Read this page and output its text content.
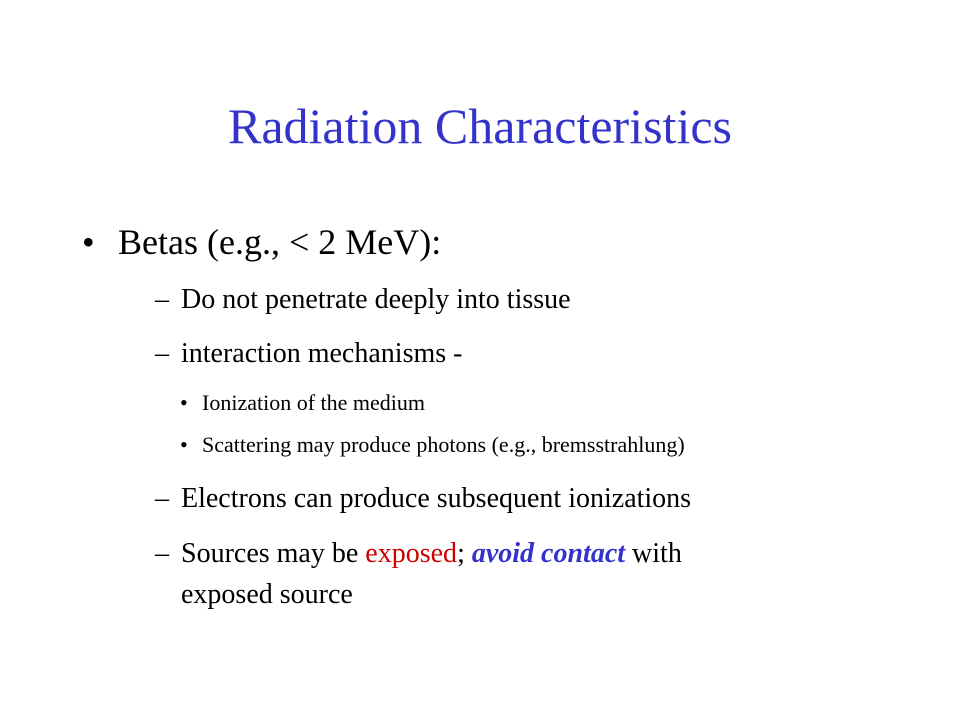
Radiation Characteristics
• Betas (e.g., < 2 MeV):
– Do not penetrate deeply into tissue
– interaction mechanisms -
• Ionization of the medium
• Scattering may produce photons (e.g., bremsstrahlung)
– Electrons can produce subsequent ionizations
– Sources may be exposed; avoid contact with
exposed source
